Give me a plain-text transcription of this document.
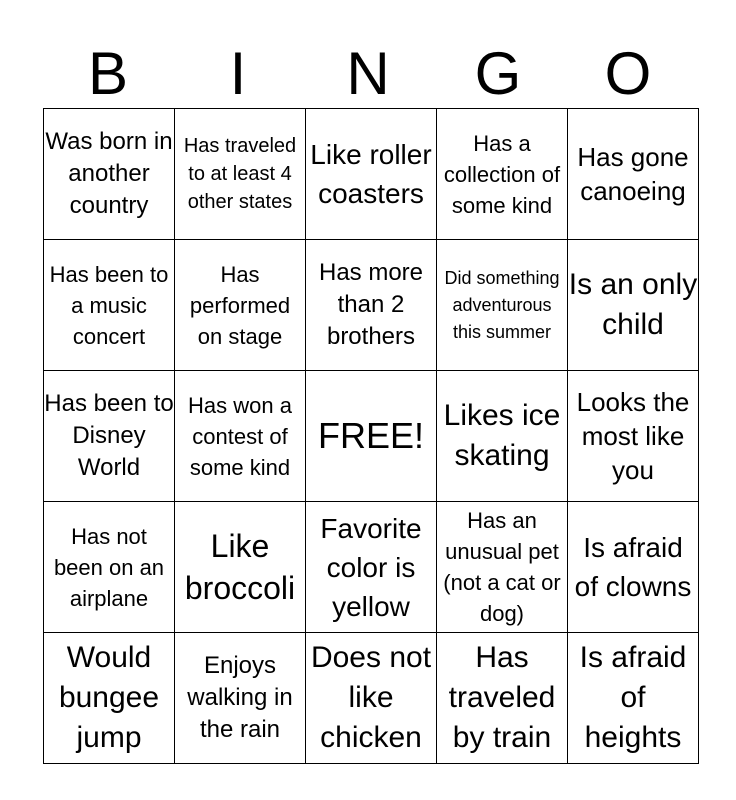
B	I	N	G	O
Was born in another country	Has traveled to at least 4 other states	Like roller coasters	Has a collection of some kind	Has gone canoeing

Has been to a music concert	Has performed on stage	Has more than 2 brothers	Did something adventurous this summer	Is an only child

Has been to Disney World	Has won a contest of some kind	FREE!	Likes ice skating	Looks the most like you

Has not been on an airplane	Like broccoli	Favorite color is yellow	Has an unusual pet (not a cat or dog)	Is afraid of clowns

Would bungee jump	Enjoys walking in the rain	Does not like chicken	Has traveled by train	Is afraid of heights
